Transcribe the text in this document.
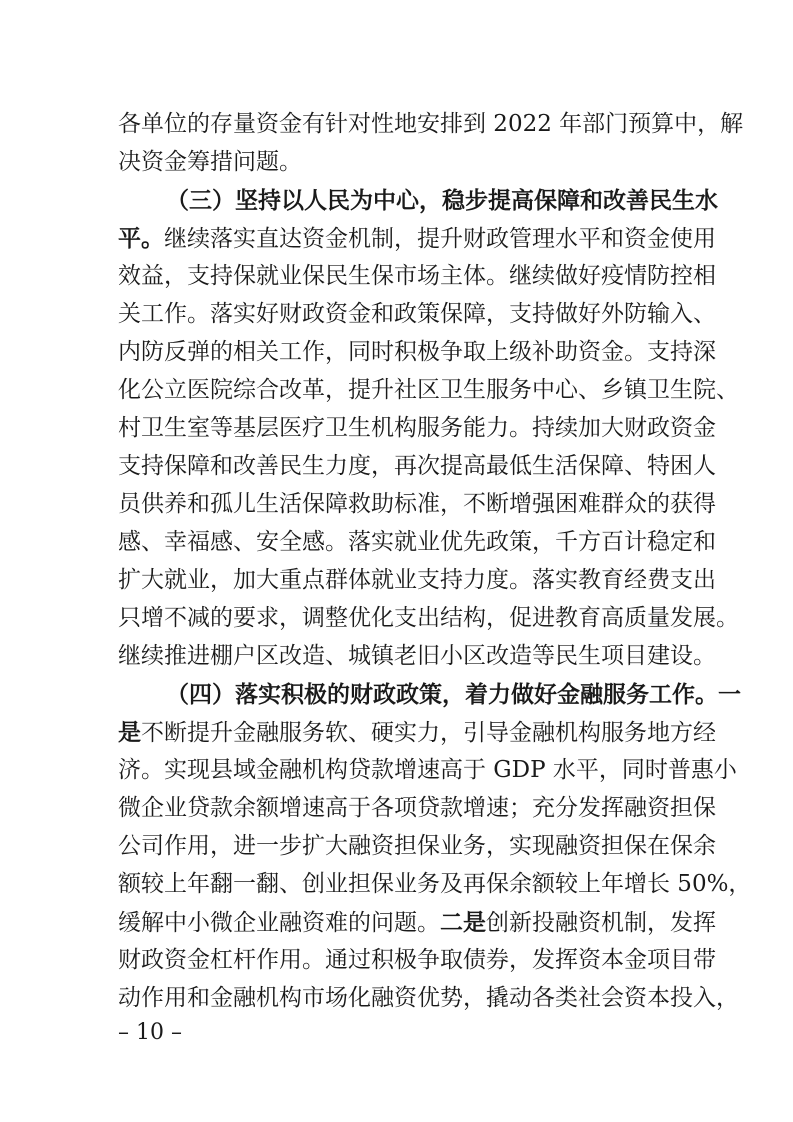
各单位的存量资金有针对性地安排到 2022 年部门预算中，解
决资金筹措问题。
（三）坚持以人民为中心，稳步提高保障和改善民生水
平。继续落实直达资金机制，提升财政管理水平和资金使用
效益，支持保就业保民生保市场主体。继续做好疫情防控相
关工作。落实好财政资金和政策保障，支持做好外防输入、
内防反弹的相关工作，同时积极争取上级补助资金。支持深
化公立医院综合改革，提升社区卫生服务中心、乡镇卫生院、
村卫生室等基层医疗卫生机构服务能力。持续加大财政资金
支持保障和改善民生力度，再次提高最低生活保障、特困人
员供养和孤儿生活保障救助标准，不断增强困难群众的获得
感、幸福感、安全感。落实就业优先政策，千方百计稳定和
扩大就业，加大重点群体就业支持力度。落实教育经费支出
只增不减的要求，调整优化支出结构，促进教育高质量发展。
继续推进棚户区改造、城镇老旧小区改造等民生项目建设。
（四）落实积极的财政政策，着力做好金融服务工作。一
是不断提升金融服务软、硬实力，引导金融机构服务地方经
济。实现县域金融机构贷款增速高于 GDP 水平，同时普惠小
微企业贷款余额增速高于各项贷款增速；充分发挥融资担保
公司作用，进一步扩大融资担保业务，实现融资担保在保余
额较上年翻一翻、创业担保业务及再保余额较上年增长 50%，
缓解中小微企业融资难的问题。二是创新投融资机制，发挥
财政资金杠杆作用。通过积极争取债券，发挥资本金项目带
动作用和金融机构市场化融资优势，撬动各类社会资本投入，
– 10 –
